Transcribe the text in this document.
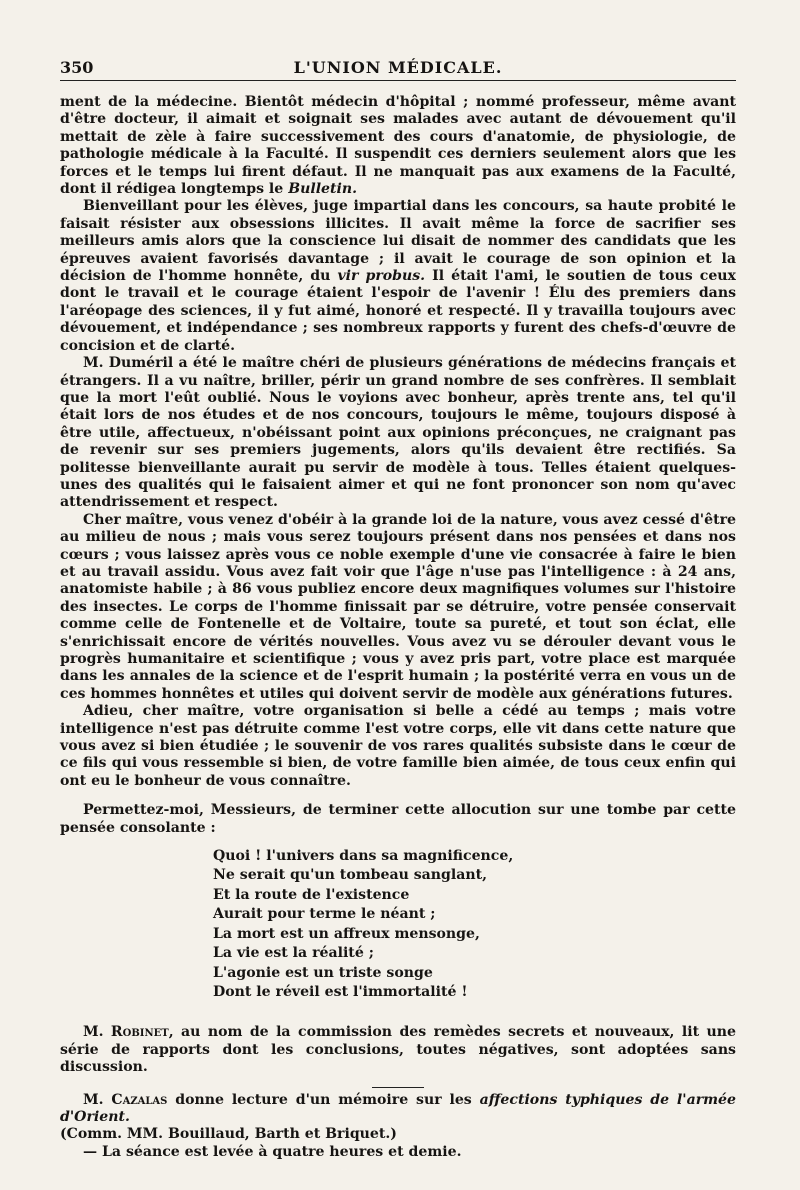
350	L'UNION MÉDICALE.

ment de la médecine. Bientôt médecin d'hôpital ; nommé professeur, même avant d'être docteur, il aimait et soignait ses malades avec autant de dévouement qu'il mettait de zèle à faire successivement des cours d'anatomie, de physiologie, de pathologie médicale à la Faculté. Il suspendit ces derniers seulement alors que les forces et le temps lui firent défaut. Il ne manquait pas aux examens de la Faculté, dont il rédigea longtemps le Bulletin.

Bienveillant pour les élèves, juge impartial dans les concours, sa haute probité le faisait résister aux obsessions illicites. Il avait même la force de sacrifier ses meilleurs amis alors que la conscience lui disait de nommer des candidats que les épreuves avaient favorisés davantage ; il avait le courage de son opinion et la décision de l'homme honnête, du vir probus. Il était l'ami, le soutien de tous ceux dont le travail et le courage étaient l'espoir de l'avenir ! Élu des premiers dans l'aréopage des sciences, il y fut aimé, honoré et respecté. Il y travailla toujours avec dévouement, et indépendance ; ses nombreux rapports y furent des chefs-d'œuvre de concision et de clarté.

M. Duméril a été le maître chéri de plusieurs générations de médecins français et étrangers. Il a vu naître, briller, périr un grand nombre de ses confrères. Il semblait que la mort l'eût oublié. Nous le voyions avec bonheur, après trente ans, tel qu'il était lors de nos études et de nos concours, toujours le même, toujours disposé à être utile, affectueux, n'obéissant point aux opinions préconçues, ne craignant pas de revenir sur ses premiers jugements, alors qu'ils devaient être rectifiés. Sa politesse bienveillante aurait pu servir de modèle à tous. Telles étaient quelques-unes des qualités qui le faisaient aimer et qui ne font prononcer son nom qu'avec attendrissement et respect.

Cher maître, vous venez d'obéir à la grande loi de la nature, vous avez cessé d'être au milieu de nous ; mais vous serez toujours présent dans nos pensées et dans nos cœurs ; vous laissez après vous ce noble exemple d'une vie consacrée à faire le bien et au travail assidu. Vous avez fait voir que l'âge n'use pas l'intelligence : à 24 ans, anatomiste habile ; à 86 vous publiez encore deux magnifiques volumes sur l'histoire des insectes. Le corps de l'homme finissait par se détruire, votre pensée conservait comme celle de Fontenelle et de Voltaire, toute sa pureté, et tout son éclat, elle s'enrichissait encore de vérités nouvelles. Vous avez vu se dérouler devant vous le progrès humanitaire et scientifique ; vous y avez pris part, votre place est marquée dans les annales de la science et de l'esprit humain ; la postérité verra en vous un de ces hommes honnêtes et utiles qui doivent servir de modèle aux générations futures.

Adieu, cher maître, votre organisation si belle a cédé au temps ; mais votre intelligence n'est pas détruite comme l'est votre corps, elle vit dans cette nature que vous avez si bien étudiée ; le souvenir de vos rares qualités subsiste dans le cœur de ce fils qui vous ressemble si bien, de votre famille bien aimée, de tous ceux enfin qui ont eu le bonheur de vous connaître.

Permettez-moi, Messieurs, de terminer cette allocution sur une tombe par cette pensée consolante :

Quoi ! l'univers dans sa magnificence,
Ne serait qu'un tombeau sanglant,
Et la route de l'existence
Aurait pour terme le néant ;
La mort est un affreux mensonge,
La vie est la réalité ;
L'agonie est un triste songe
Dont le réveil est l'immortalité !

M. Robinet, au nom de la commission des remèdes secrets et nouveaux, lit une série de rapports dont les conclusions, toutes négatives, sont adoptées sans discussion.

M. Cazalas donne lecture d'un mémoire sur les affections typhiques de l'armée d'Orient.

(Comm. MM. Bouillaud, Barth et Briquet.)

— La séance est levée à quatre heures et demie.
